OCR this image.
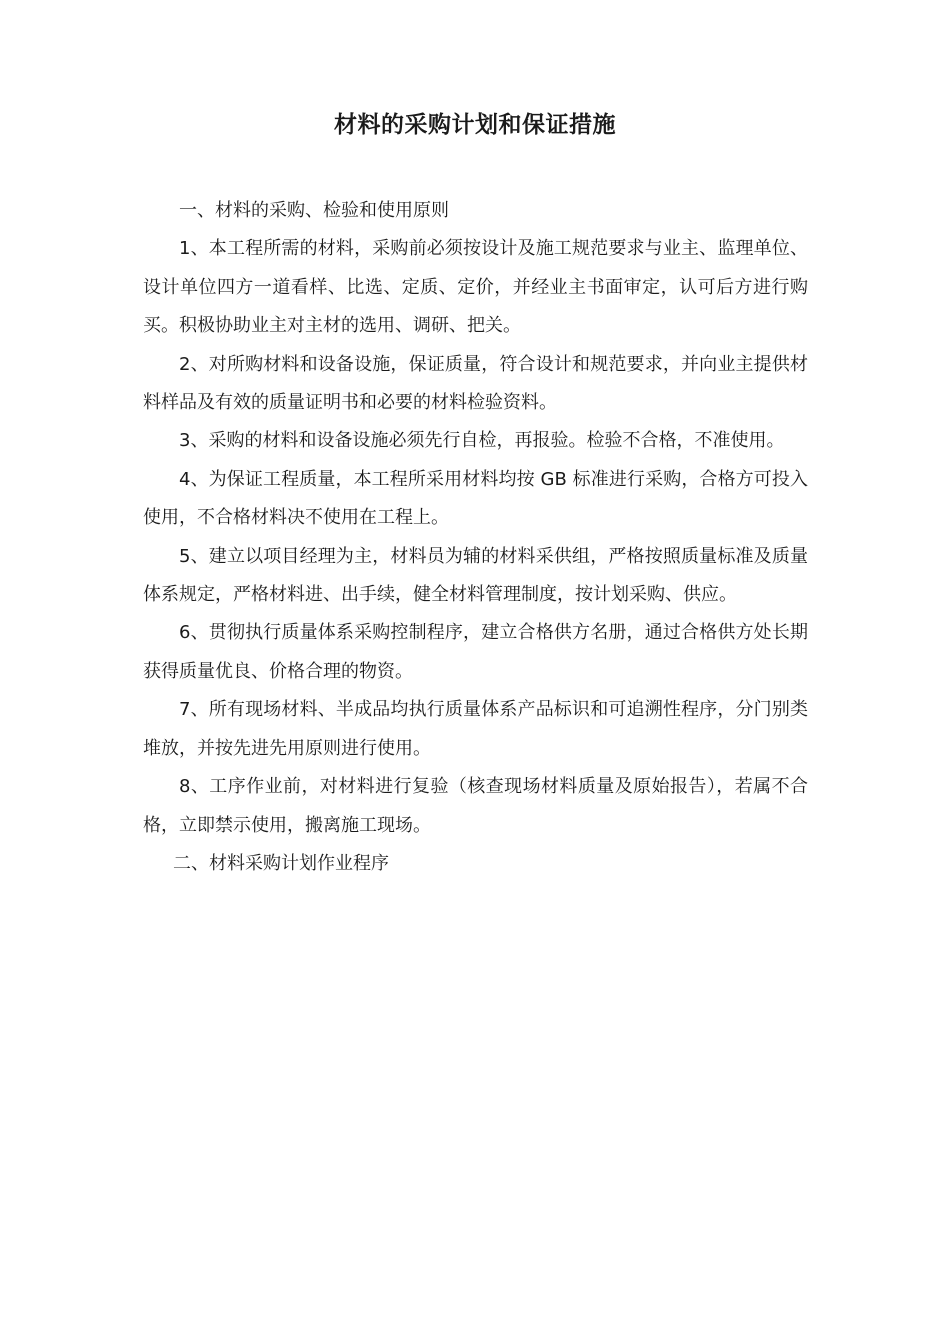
材料的采购计划和保证措施

一、材料的采购、检验和使用原则

1、本工程所需的材料，采购前必须按设计及施工规范要求与业主、监理单位、设计单位四方一道看样、比选、定质、定价，并经业主书面审定，认可后方进行购买。积极协助业主对主材的选用、调研、把关。

2、对所购材料和设备设施，保证质量，符合设计和规范要求，并向业主提供材料样品及有效的质量证明书和必要的材料检验资料。

3、采购的材料和设备设施必须先行自检，再报验。检验不合格，不准使用。

4、为保证工程质量，本工程所采用材料均按 GB 标准进行采购，合格方可投入使用，不合格材料决不使用在工程上。

5、建立以项目经理为主，材料员为辅的材料采供组，严格按照质量标准及质量体系规定，严格材料进、出手续，健全材料管理制度，按计划采购、供应。

6、贯彻执行质量体系采购控制程序，建立合格供方名册，通过合格供方处长期获得质量优良、价格合理的物资。

7、所有现场材料、半成品均执行质量体系产品标识和可追溯性程序，分门别类堆放，并按先进先用原则进行使用。

8、工序作业前，对材料进行复验（核查现场材料质量及原始报告），若属不合格，立即禁示使用，搬离施工现场。

二、材料采购计划作业程序
